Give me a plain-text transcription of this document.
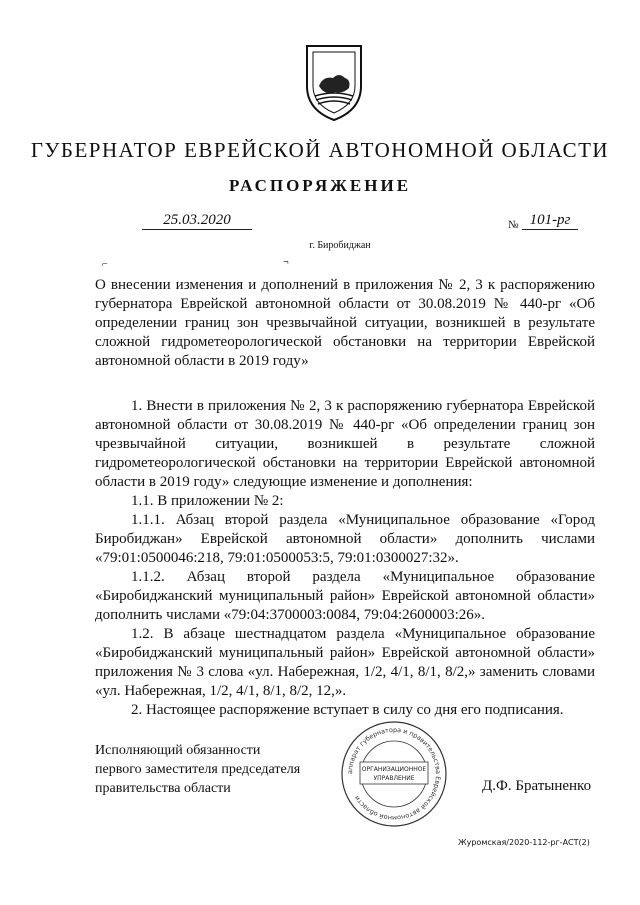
ГУБЕРНАТОР ЕВРЕЙСКОЙ АВТОНОМНОЙ ОБЛАСТИ
РАСПОРЯЖЕНИЕ
25.03.2020	№ 101-рг
г. Биробиджан
⌐	¬
О внесении изменения и дополнений в приложения № 2, 3 к распоряжению губернатора Еврейской автономной области от 30.08.2019 № 440-рг «Об определении границ зон чрезвычайной ситуации, возникшей в результате сложной гидрометеорологической обстановки на территории Еврейской автономной области в 2019 году»

1. Внести в приложения № 2, 3 к распоряжению губернатора Еврейской автономной области от 30.08.2019 № 440-рг «Об определении границ зон чрезвычайной ситуации, возникшей в результате сложной гидрометеорологической обстановки на территории Еврейской автономной области в 2019 году» следующие изменение и дополнения:

1.1. В приложении № 2:

1.1.1. Абзац второй раздела «Муниципальное образование «Город Биробиджан» Еврейской автономной области» дополнить числами «79:01:0500046:218, 79:01:0500053:5, 79:01:0300027:32».

1.1.2. Абзац второй раздела «Муниципальное образование «Биробиджанский муниципальный район» Еврейской автономной области» дополнить числами «79:04:3700003:0084, 79:04:2600003:26».

1.2. В абзаце шестнадцатом раздела «Муниципальное образование «Биробиджанский муниципальный район» Еврейской автономной области» приложения № 3 слова «ул. Набережная, 1/2, 4/1, 8/1, 8/2,» заменить словами «ул. Набережная, 1/2, 4/1, 8/1, 8/2, 12,».

2. Настоящее распоряжение вступает в силу со дня его подписания.

Исполняющий обязанности
первого заместителя председателя
правительства области
аппарат губернатора и правительства Еврейской автономной области
ОРГАНИЗАЦИОННОЕ
УПРАВЛЕНИЕ	Д.Ф. Братыненко
Журомская/2020-112-рг-АСТ(2)
